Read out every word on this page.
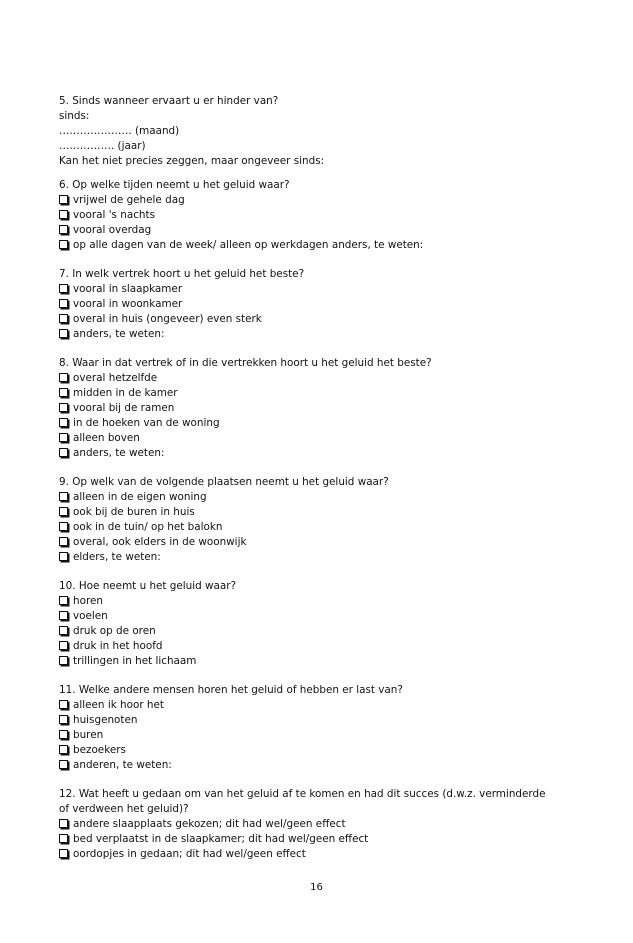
5. Sinds wanneer ervaart u er hinder van?
sinds:
………………… (maand)
……………. (jaar)
Kan het niet precies zeggen, maar ongeveer sinds:
6. Op welke tijden neemt u het geluid waar?
vrijwel de gehele dag
vooral 's nachts
vooral overdag
op alle dagen van de week/ alleen op werkdagen anders, te weten:
7. In welk vertrek hoort u het geluid het beste?
vooral in slaapkamer
vooral in woonkamer
overal in huis (ongeveer) even sterk
anders, te weten:
8. Waar in dat vertrek of in die vertrekken hoort u het geluid het beste?
overal hetzelfde
midden in de kamer
vooral bij de ramen
in de hoeken van de woning
alleen boven
anders, te weten:
9. Op welk van de volgende plaatsen neemt u het geluid waar?
alleen in de eigen woning
ook bij de buren in huis
ook in de tuin/ op het balokn
overal, ook elders in de woonwijk
elders, te weten:
10. Hoe neemt u het geluid waar?
horen
voelen
druk op de oren
druk in het hoofd
trillingen in het lichaam
11. Welke andere mensen horen het geluid of hebben er last van?
alleen ik hoor het
huisgenoten
buren
bezoekers
anderen, te weten:
12. Wat heeft u gedaan om van het geluid af te komen en had dit succes (d.w.z. verminderde of verdween het geluid)?
andere slaapplaats gekozen; dit had wel/geen effect
bed verplaatst in de slaapkamer; dit had wel/geen effect
oordopjes in gedaan; dit had wel/geen effect
16
